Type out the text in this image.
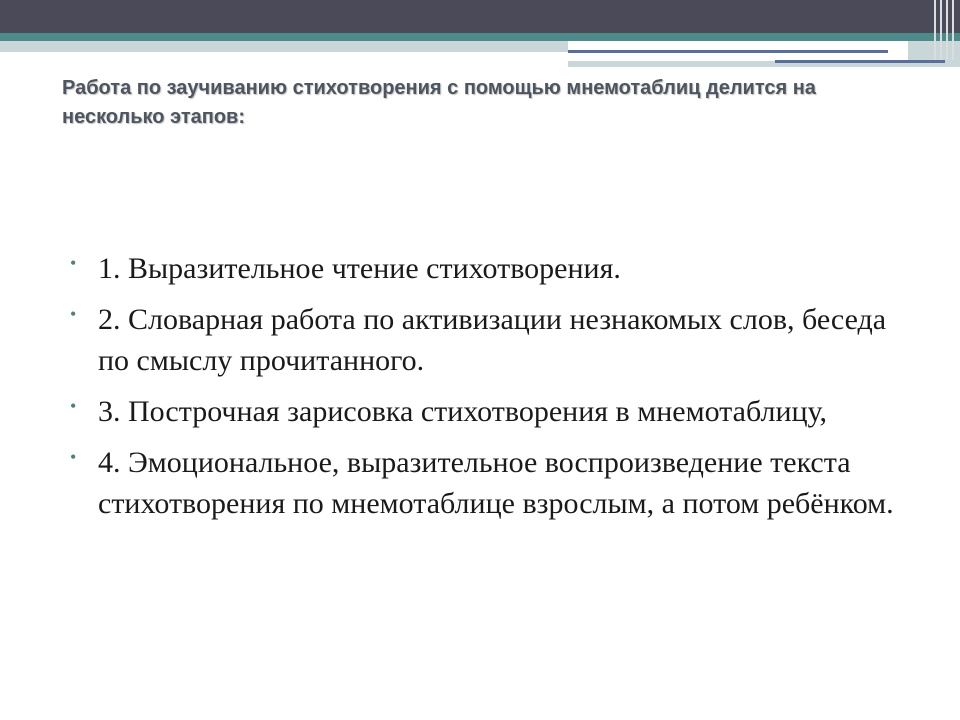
Работа по заучиванию стихотворения с помощью мнемотаблиц делится на несколько этапов:
• 1. Выразительное чтение стихотворения.
• 2. Словарная работа по активизации незнакомых слов, беседа по смыслу прочитанного.
• 3. Построчная зарисовка стихотворения в мнемотаблицу,
• 4. Эмоциональное, выразительное воспроизведение текста стихотворения по мнемотаблице взрослым, а потом ребёнком.
